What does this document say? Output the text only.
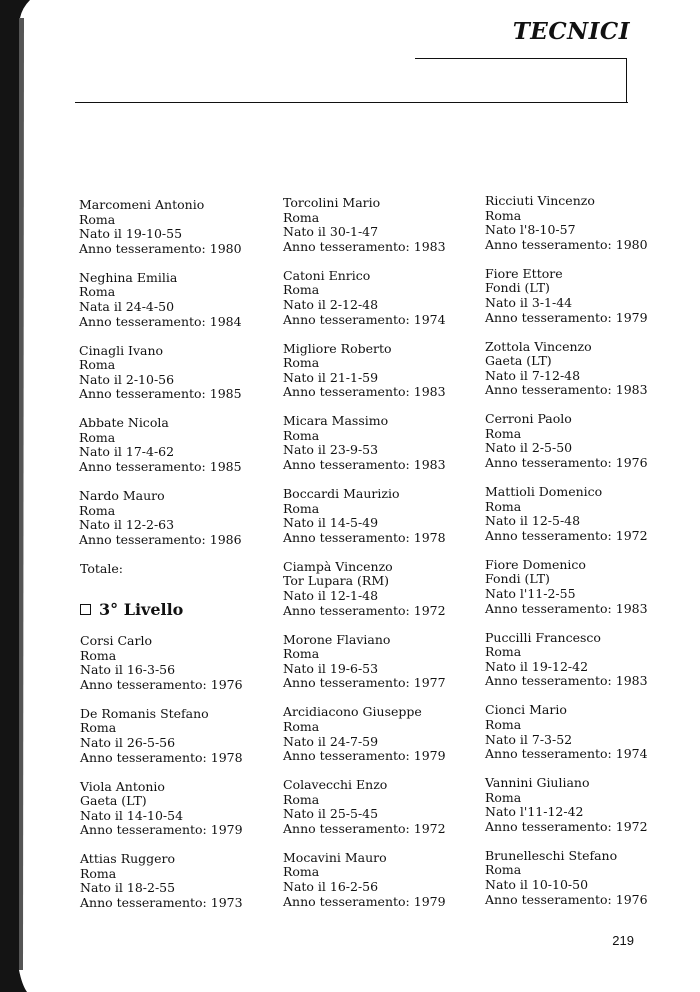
TECNICI
Marcomeni Antonio
Roma
Nato il 19-10-55
Anno tesseramento: 1980
Neghina Emilia
Roma
Nata il 24-4-50
Anno tesseramento: 1984
Cinagli Ivano
Roma
Nato il 2-10-56
Anno tesseramento: 1985
Abbate Nicola
Roma
Nato il 17-4-62
Anno tesseramento: 1985
Nardo Mauro
Roma
Nato il 12-2-63
Anno tesseramento: 1986
Torcolini Mario
Roma
Nato il 30-1-47
Anno tesseramento: 1983
Catoni Enrico
Roma
Nato il 2-12-48
Anno tesseramento: 1974
Migliore Roberto
Roma
Nato il 21-1-59
Anno tesseramento: 1983
Micara Massimo
Roma
Nato il 23-9-53
Anno tesseramento: 1983
Boccardi Maurizio
Roma
Nato il 14-5-49
Anno tesseramento: 1978
Ciampà Vincenzo
Tor Lupara (RM)
Nato il 12-1-48
Anno tesseramento: 1972
Morone Flaviano
Roma
Nato il 19-6-53
Anno tesseramento: 1977
Arcidiacono Giuseppe
Roma
Nato il 24-7-59
Anno tesseramento: 1979
Colavecchi Enzo
Roma
Nato il 25-5-45
Anno tesseramento: 1972
Mocavini Mauro
Roma
Nato il 16-2-56
Anno tesseramento: 1979
Ricciuti Vincenzo
Roma
Nato l'8-10-57
Anno tesseramento: 1980
Fiore Ettore
Fondi (LT)
Nato il 3-1-44
Anno tesseramento: 1979
Zottola Vincenzo
Gaeta (LT)
Nato il 7-12-48
Anno tesseramento: 1983
Cerroni Paolo
Roma
Nato il 2-5-50
Anno tesseramento: 1976
Mattioli Domenico
Roma
Nato il 12-5-48
Anno tesseramento: 1972
Fiore Domenico
Fondi (LT)
Nato l'11-2-55
Anno tesseramento: 1983
Puccilli Francesco
Roma
Nato il 19-12-42
Anno tesseramento: 1983
Cionci Mario
Roma
Nato il 7-3-52
Anno tesseramento: 1974
Vannini Giuliano
Roma
Nato l'11-12-42
Anno tesseramento: 1972
Brunelleschi Stefano
Roma
Nato il 10-10-50
Anno tesseramento: 1976
Totale:
3° Livello
Corsi Carlo
Roma
Nato il 16-3-56
Anno tesseramento: 1976
De Romanis Stefano
Roma
Nato il 26-5-56
Anno tesseramento: 1978
Viola Antonio
Gaeta (LT)
Nato il 14-10-54
Anno tesseramento: 1979
Attias Ruggero
Roma
Nato il 18-2-55
Anno tesseramento: 1973
219
